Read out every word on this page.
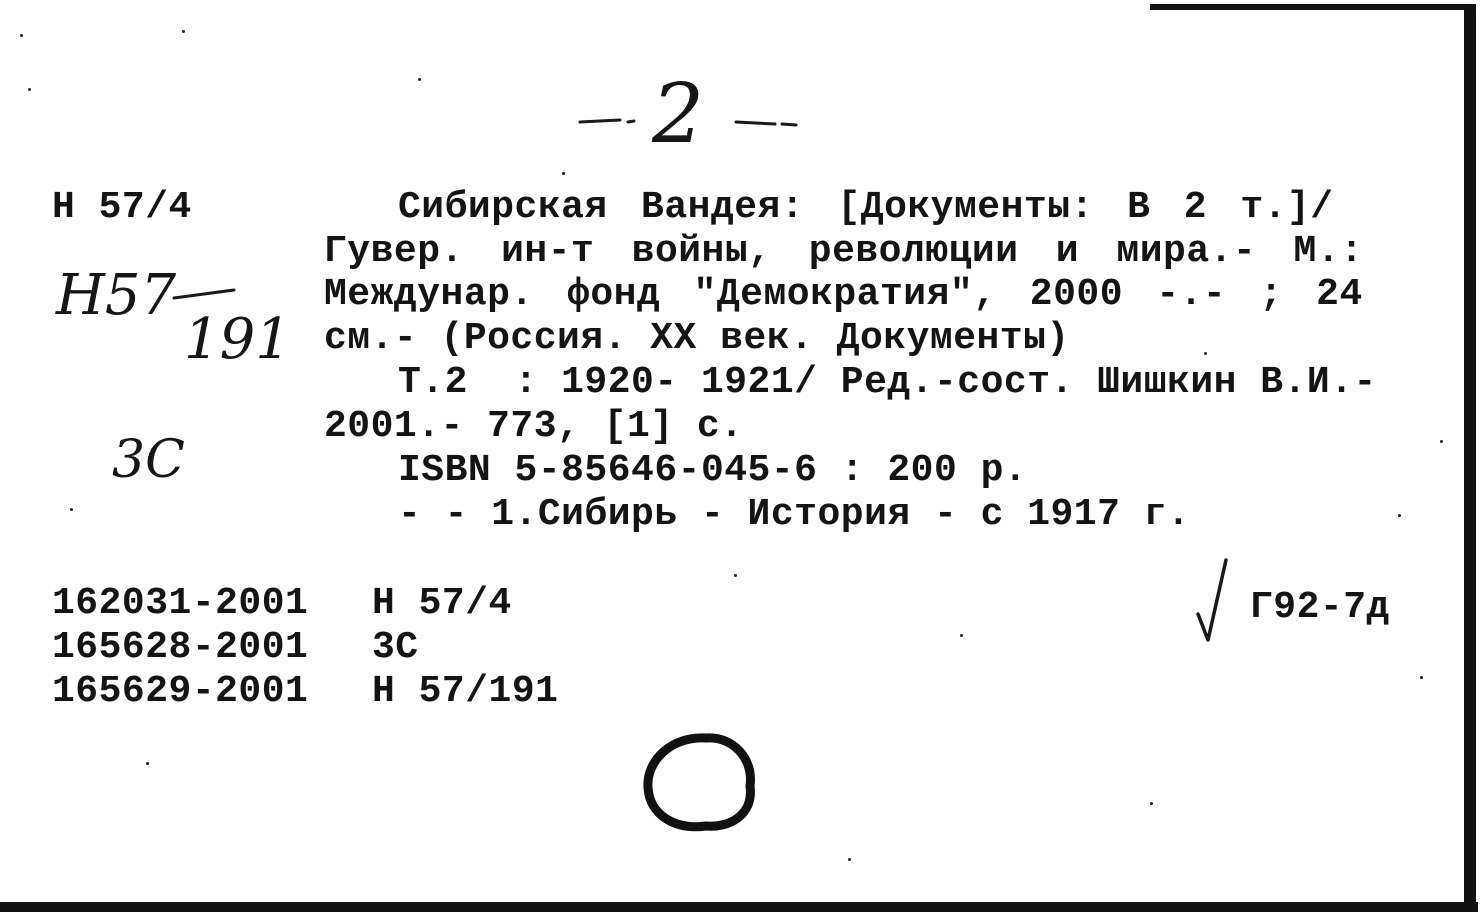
2

Н 57/4

Н57
191
3С

Сибирская Вандея: [Документы: В 2 т.]/

Гувер. ин-т войны, революции и мира.- М.:

Междунар. фонд "Демократия", 2000 -.- ; 24

см.- (Россия. XX век. Документы)

Т.2  : 1920- 1921/ Ред.-сост. Шишкин В.И.-

2001.- 773, [1] с.

ISBN 5-85646-045-6 : 200 р.

- - 1.Сибирь - История - с 1917 г.

162031-2001 Н 57/4

165628-2001 3С

165629-2001 Н 57/191

Г92-7д
